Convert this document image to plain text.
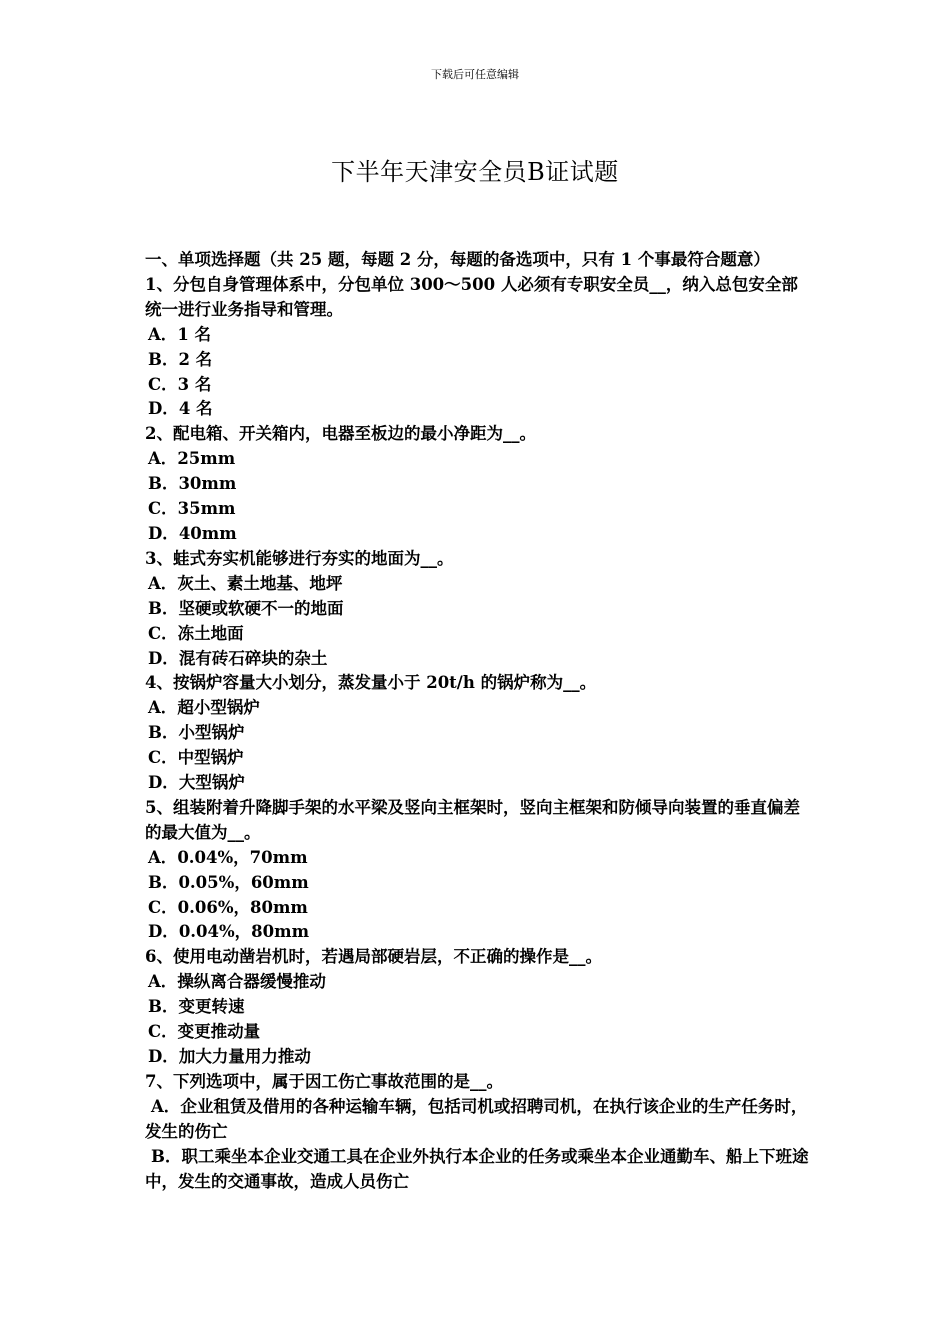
下载后可任意编辑
下半年天津安全员B证试题

一、单项选择题（共 25 题，每题 2 分，每题的备选项中，只有 1 个事最符合题意）

1、分包自身管理体系中，分包单位 300～500 人必须有专职安全员__，纳入总包安全部统一进行业务指导和管理。

A．1 名

B．2 名

C．3 名

D．4 名

2、配电箱、开关箱内，电器至板边的最小净距为__。

A．25mm

B．30mm

C．35mm

D．40mm

3、蛙式夯实机能够进行夯实的地面为__。

A．灰土、素土地基、地坪

B．坚硬或软硬不一的地面

C．冻土地面

D．混有砖石碎块的杂土

4、按锅炉容量大小划分，蒸发量小于 20t/h 的锅炉称为__。

A．超小型锅炉

B．小型锅炉

C．中型锅炉

D．大型锅炉

5、组装附着升降脚手架的水平梁及竖向主框架时，竖向主框架和防倾导向装置的垂直偏差的最大值为__。

A．0.04%，70mm

B．0.05%，60mm

C．0.06%，80mm

D．0.04%，80mm

6、使用电动凿岩机时，若遇局部硬岩层，不正确的操作是__。

A．操纵离合器缓慢推动

B．变更转速

C．变更推动量

D．加大力量用力推动

7、下列选项中，属于因工伤亡事故范围的是__。

A．企业租赁及借用的各种运输车辆，包括司机或招聘司机，在执行该企业的生产任务时，发生的伤亡

B．职工乘坐本企业交通工具在企业外执行本企业的任务或乘坐本企业通勤车、船上下班途中，发生的交通事故，造成人员伤亡
